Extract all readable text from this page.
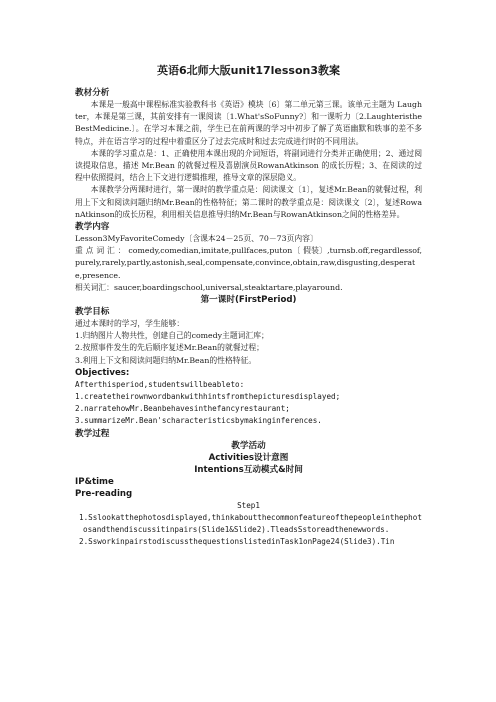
英语6北师大版unit17lesson3教案

教材分析

本课是一般高中课程标准实验教科书《英语》模块〔6〕第二单元第三课。该单元主题为 Laughter，本课是第三课，其前安排有一课阅读〔1.What'sSoFunny?〕和一课听力〔2.LaughteristheBestMedicine.〕。在学习本课之前，学生已在前两课的学习中初步了解了英语幽默和轶事的差不多特点，并在语言学习的过程中着重区分了过去完成时和过去完成进行时的不同用法。

本课的学习重点是：1、正确使用本课出现的介词短语，将副词进行分类并正确使用；2、通过阅读提取信息，描述 Mr.Bean 的就餐过程及喜剧演员RowanAtkinson 的成长历程；3、在阅读的过程中依照提问，结合上下文进行逻辑推理，推导文章的深层隐义。

本课教学分两课时进行，第一课时的教学重点是：阅读课文〔1〕，复述Mr.Bean的就餐过程，利用上下文和阅读问题归纳Mr.Bean的性格特征；第二课时的教学重点是：阅读课文〔2〕，复述RowanAtkinson的成长历程，利用相关信息推导归纳Mr.Bean与RowanAtkinson之间的性格差异。

教学内容

Lesson3MyFavoriteComedy〔含课本24－25页、70－73页内容〕

重 点 词 汇 ： comedy,comedian,imitate,pullfaces,puton〔 假装〕,turnsb.off,regardlessof,purely,rarely,partly,astonish,seal,compensate,convince,obtain,raw,disgusting,desperate,presence.

相关词汇：saucer,boardingschool,universal,steaktartare,playaround.

第一课时(FirstPeriod)

教学目标

通过本课时的学习，学生能够：

1.归纳图片人物共性，创建自己的comedy主题词汇库；

2.按照事件发生的先后顺序复述Mr.Bean的就餐过程；

3.利用上下文和阅读问题归纳Mr.Bean的性格特征。

Objectives:

Afterthisperiod,studentswillbeableto:

1.createtheirownwordbankwithhintsfromthepicturesdisplayed;

2.narratehowMr.Beanbehavesinthefancyrestaurant;

3.summarizeMr.Bean'scharacteristicsbymakinginferences.

教学过程

教学活动

Activities设计意图

Intentions互动模式&时间

IP&time

Pre-reading

Step1

1.Sslookatthephotosdisplayed,thinkaboutthecommonfeatureofthepeopleinthephotosandthendiscussitinpairs(Slide1&Slide2).TleadsSstoreadthenewwords.

2.SsworkinpairstodiscussthequestionslistedinTask1onPage24(Slide3).Tin
